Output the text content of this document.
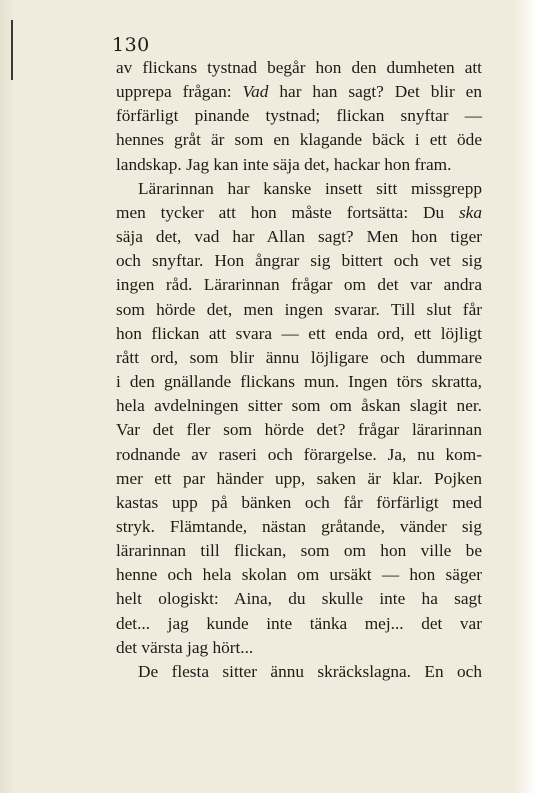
130
av flickans tystnad begår hon den dumheten att
upprepa frågan: Vad har han sagt? Det blir en
förfärligt pinande tystnad; flickan snyftar —
hennes gråt är som en klagande bäck i ett öde
landskap. Jag kan inte säja det, hackar hon fram.
Lärarinnan har kanske insett sitt missgrepp
men tycker att hon måste fortsätta: Du ska
säja det, vad har Allan sagt? Men hon tiger
och snyftar. Hon ångrar sig bittert och vet sig
ingen råd. Lärarinnan frågar om det var andra
som hörde det, men ingen svarar. Till slut får
hon flickan att svara — ett enda ord, ett löjligt
rått ord, som blir ännu löjligare och dummare
i den gnällande flickans mun. Ingen törs skratta,
hela avdelningen sitter som om åskan slagit ner.
Var det fler som hörde det? frågar lärarinnan
rodnande av raseri och förargelse. Ja, nu kom-
mer ett par händer upp, saken är klar. Pojken
kastas upp på bänken och får förfärligt med
stryk. Flämtande, nästan gråtande, vänder sig
lärarinnan till flickan, som om hon ville be
henne och hela skolan om ursäkt — hon säger
helt ologiskt: Aina, du skulle inte ha sagt
det... jag kunde inte tänka mej... det var
det värsta jag hört...
De flesta sitter ännu skräckslagna. En och
